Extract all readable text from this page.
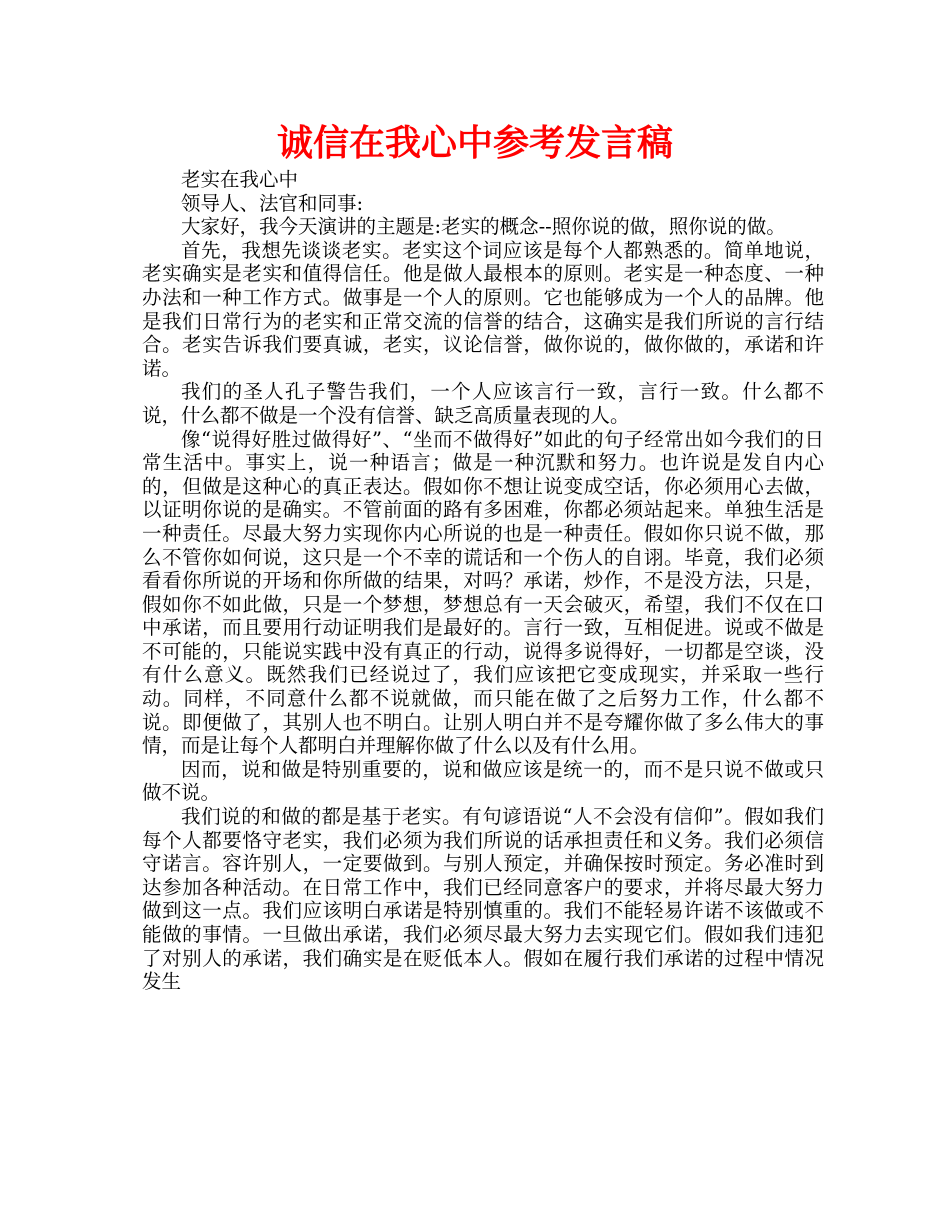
诚信在我心中参考发言稿

老实在我心中

领导人、法官和同事:

大家好，我今天演讲的主题是:老实的概念--照你说的做，照你说的做。

首先，我想先谈谈老实。老实这个词应该是每个人都熟悉的。简单地说，老实确实是老实和值得信任。他是做人最根本的原则。老实是一种态度、一种办法和一种工作方式。做事是一个人的原则。它也能够成为一个人的品牌。他是我们日常行为的老实和正常交流的信誉的结合，这确实是我们所说的言行结合。老实告诉我们要真诚，老实，议论信誉，做你说的，做你做的，承诺和许诺。

我们的圣人孔子警告我们，一个人应该言行一致，言行一致。什么都不说，什么都不做是一个没有信誉、缺乏高质量表现的人。

像“说得好胜过做得好”、“坐而不做得好”如此的句子经常出如今我们的日常生活中。事实上，说一种语言；做是一种沉默和努力。也许说是发自内心的，但做是这种心的真正表达。假如你不想让说变成空话，你必须用心去做，以证明你说的是确实。不管前面的路有多困难，你都必须站起来。单独生活是一种责任。尽最大努力实现你内心所说的也是一种责任。假如你只说不做，那么不管你如何说，这只是一个不幸的谎话和一个伤人的自诩。毕竟，我们必须看看你所说的开场和你所做的结果，对吗？承诺，炒作，不是没方法，只是，假如你不如此做，只是一个梦想，梦想总有一天会破灭，希望，我们不仅在口中承诺，而且要用行动证明我们是最好的。言行一致，互相促进。说或不做是不可能的，只能说实践中没有真正的行动，说得多说得好，一切都是空谈，没有什么意义。既然我们已经说过了，我们应该把它变成现实，并采取一些行动。同样，不同意什么都不说就做，而只能在做了之后努力工作，什么都不说。即便做了，其别人也不明白。让别人明白并不是夸耀你做了多么伟大的事情，而是让每个人都明白并理解你做了什么以及有什么用。

因而，说和做是特别重要的，说和做应该是统一的，而不是只说不做或只做不说。

我们说的和做的都是基于老实。有句谚语说“人不会没有信仰”。假如我们每个人都要恪守老实，我们必须为我们所说的话承担责任和义务。我们必须信守诺言。容许别人，一定要做到。与别人预定，并确保按时预定。务必准时到达参加各种活动。在日常工作中，我们已经同意客户的要求，并将尽最大努力做到这一点。我们应该明白承诺是特别慎重的。我们不能轻易许诺不该做或不能做的事情。一旦做出承诺，我们必须尽最大努力去实现它们。假如我们违犯了对别人的承诺，我们确实是在贬低本人。假如在履行我们承诺的过程中情况发生
